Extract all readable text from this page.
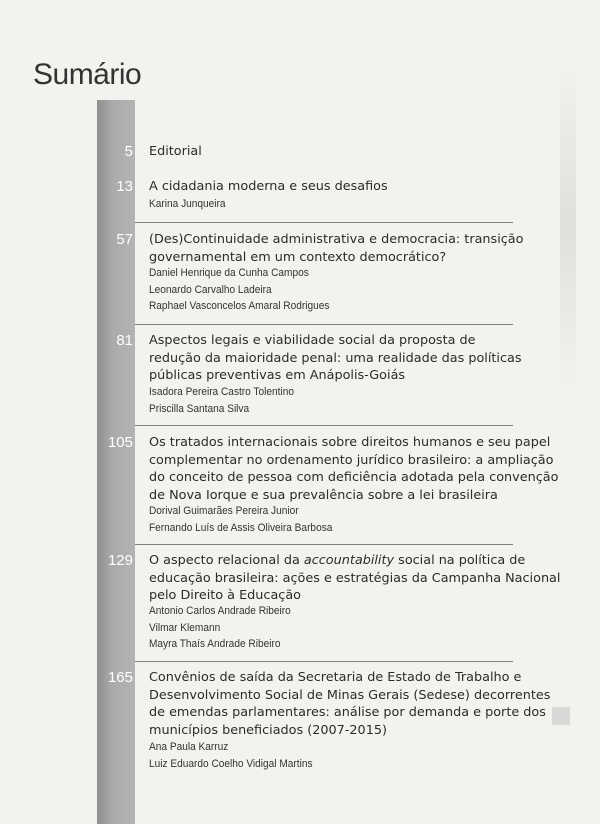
Sumário
5 Editorial
13 A cidadania moderna e seus desafios
Karina Junqueira
57 (Des)Continuidade administrativa e democracia: transição
governamental em um contexto democrático?
Daniel Henrique da Cunha Campos
Leonardo Carvalho Ladeira
Raphael Vasconcelos Amaral Rodrigues
81 Aspectos legais e viabilidade social da proposta de
redução da maioridade penal: uma realidade das políticas
públicas preventivas em Anápolis-Goiás
Isadora Pereira Castro Tolentino
Priscilla Santana Silva
105 Os tratados internacionais sobre direitos humanos e seu papel
complementar no ordenamento jurídico brasileiro: a ampliação
do conceito de pessoa com deficiência adotada pela convenção
de Nova Iorque e sua prevalência sobre a lei brasileira
Dorival Guimarães Pereira Junior
Fernando Luís de Assis Oliveira Barbosa
129 O aspecto relacional da accountability social na política de
educação brasileira: ações e estratégias da Campanha Nacional
pelo Direito à Educação
Antonio Carlos Andrade Ribeiro
Vilmar Klemann
Mayra Thaís Andrade Ribeiro
165 Convênios de saída da Secretaria de Estado de Trabalho e
Desenvolvimento Social de Minas Gerais (Sedese) decorrentes
de emendas parlamentares: análise por demanda e porte dos
municípios beneficiados (2007-2015)
Ana Paula Karruz
Luiz Eduardo Coelho Vidigal Martins
